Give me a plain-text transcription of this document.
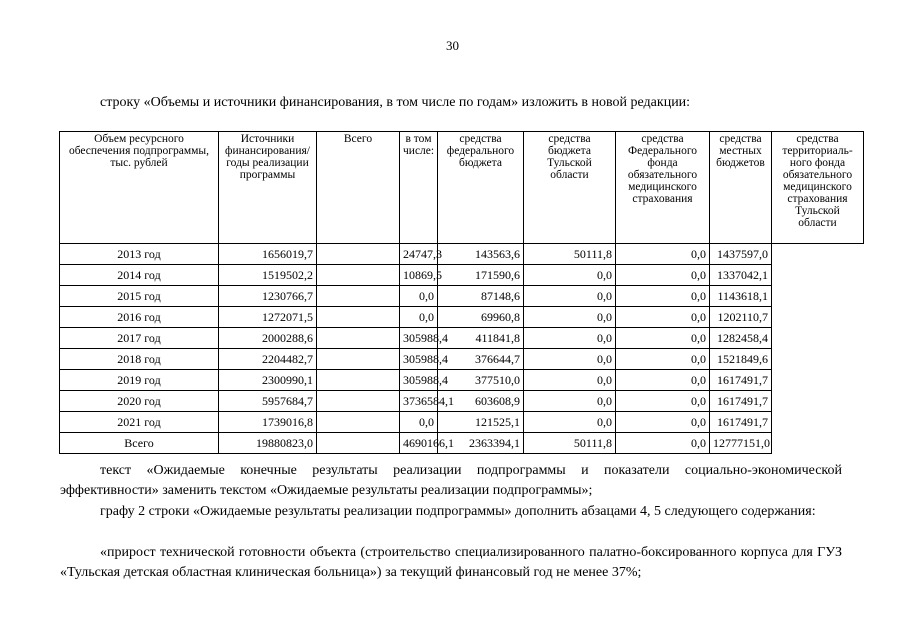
30
строку «Объемы и источники финансирования, в том числе по годам» изложить в новой редакции:
Объем ресурсного обеспечения подпрограммы, тыс. рублей	Источники финансирования/ годы реализации программы	Всего	в том числе:	средства федерального бюджета	средства бюджета Тульской области	средства Федерального фонда обязательного медицинского страхования	средства местных бюджетов	средства территориаль-ного фонда обязательного медицинского страхования Тульской области
2013 год	1656019,7		24747,3	143563,6	50111,8	0,0	1437597,0	
2014 год	1519502,2		10869,5	171590,6	0,0	0,0	1337042,1	
2015 год	1230766,7		0,0	87148,6	0,0	0,0	1143618,1	
2016 год	1272071,5		0,0	69960,8	0,0	0,0	1202110,7	
2017 год	2000288,6		305988,4	411841,8	0,0	0,0	1282458,4	
2018 год	2204482,7		305988,4	376644,7	0,0	0,0	1521849,6	
2019 год	2300990,1		305988,4	377510,0	0,0	0,0	1617491,7	
2020 год	5957684,7		3736584,1	603608,9	0,0	0,0	1617491,7	
2021 год	1739016,8		0,0	121525,1	0,0	0,0	1617491,7	
Всего	19880823,0		4690166,1	2363394,1	50111,8	0,0	12777151,0	
текст «Ожидаемые конечные результаты реализации подпрограммы и показатели социально-экономической эффективности» заменить текстом «Ожидаемые результаты реализации подпрограммы»;
графу 2 строки «Ожидаемые результаты реализации подпрограммы» дополнить абзацами 4, 5 следующего содержания:
«прирост технической готовности объекта (строительство специализированного палатно-боксированного корпуса для ГУЗ «Тульская детская областная клиническая больница») за текущий финансовый год не менее 37%;
